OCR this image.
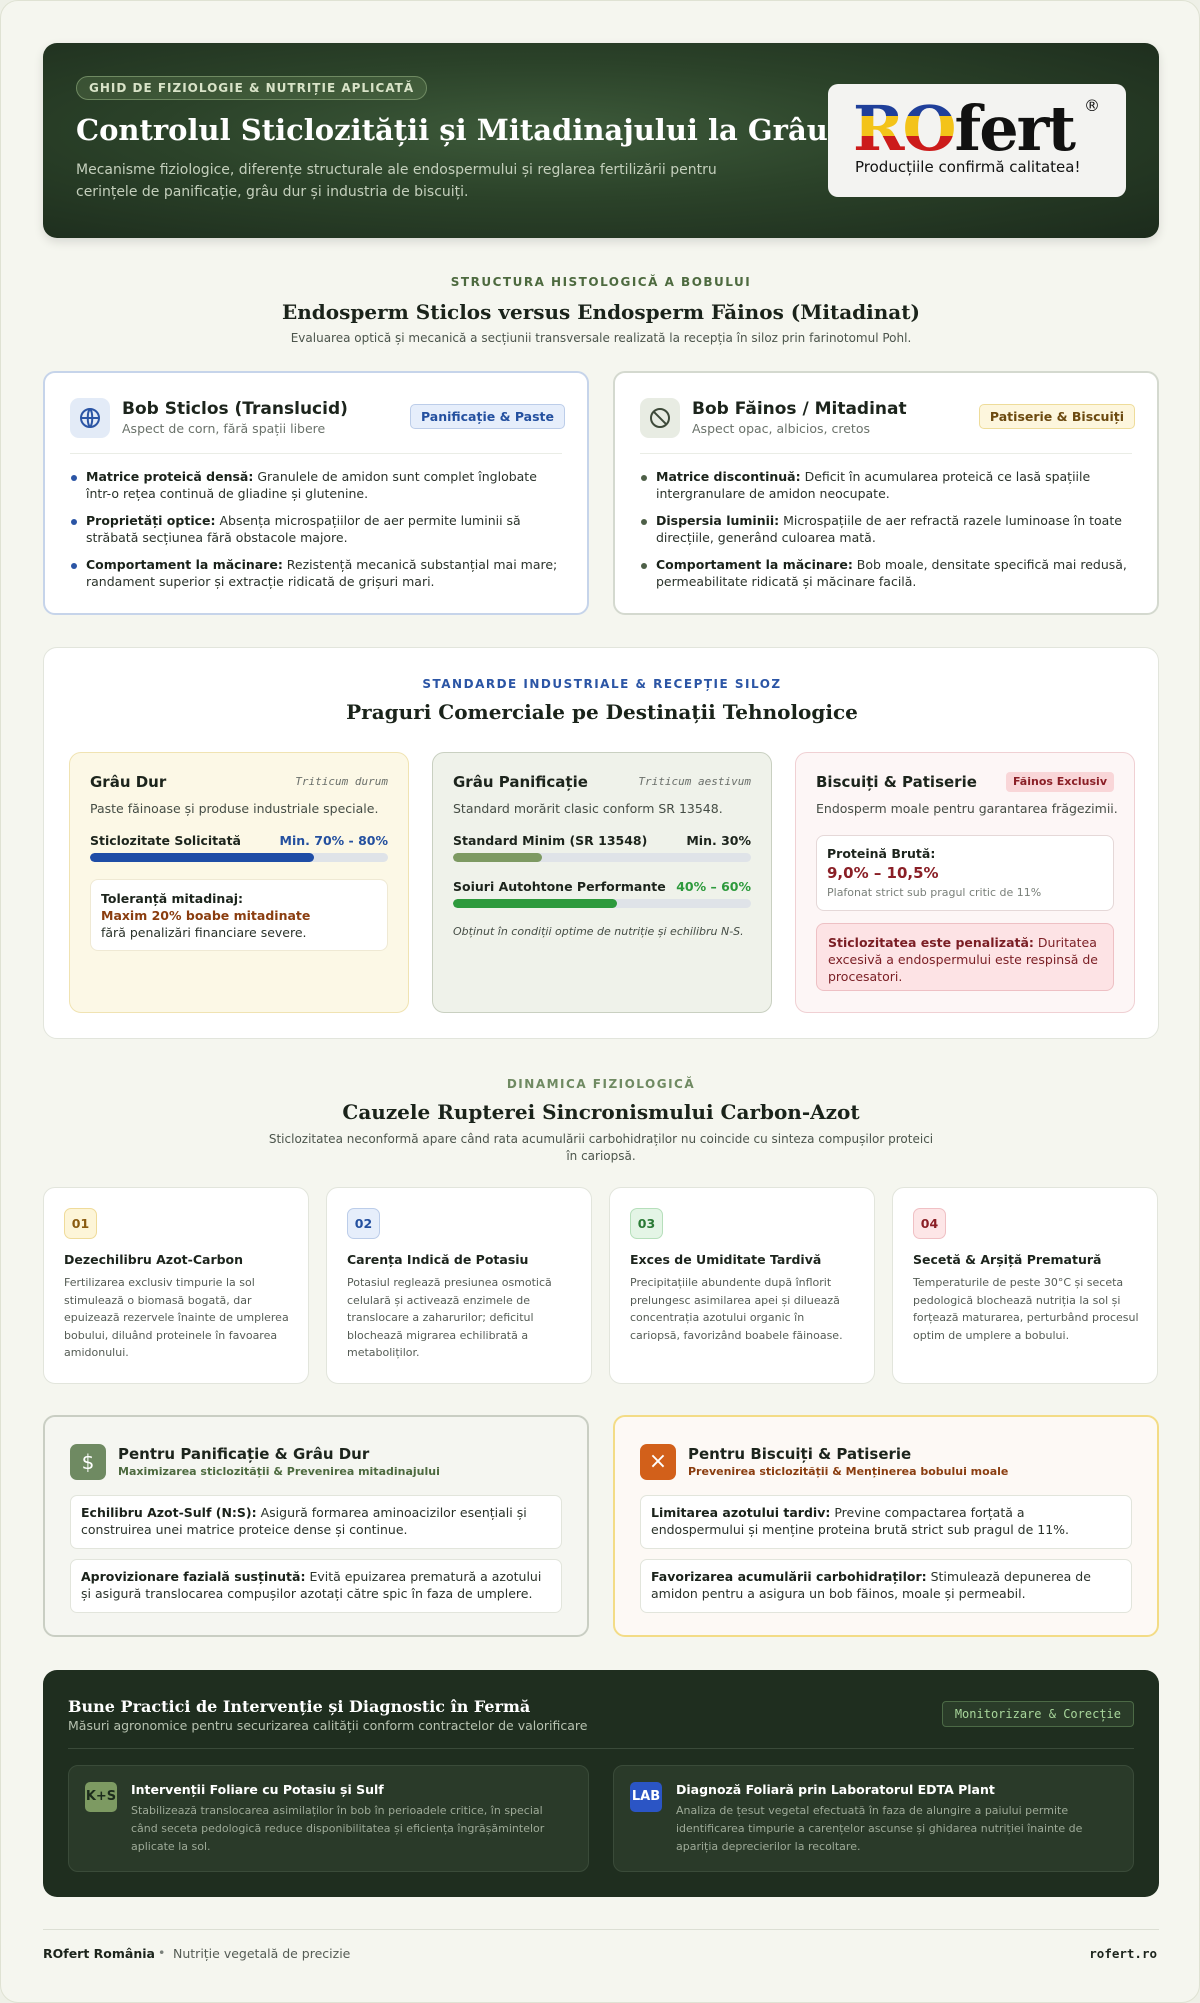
GHID DE FIZIOLOGIE & NUTRIȚIE APLICATĂ
Controlul Sticlozității și Mitadinajului la Grâu
Mecanisme fiziologice, diferențe structurale ale endospermului și reglarea fertilizării pentru cerințele de panificație, grâu dur și industria de biscuiți.
ROfert ®
Producțiile confirmă calitatea!
STRUCTURA HISTOLOGICĂ A BOBULUI
Endosperm Sticlos versus Endosperm Făinos (Mitadinat)
Evaluarea optică și mecanică a secțiunii transversale realizată la recepția în siloz prin farinotomul Pohl.
Bob Sticlos (Translucid)
Aspect de corn, fără spații libere
Panificație & Paste
Matrice proteică densă: Granulele de amidon sunt complet înglobate într-o rețea continuă de gliadine și glutenine.
Proprietăți optice: Absența microspațiilor de aer permite luminii să străbată secțiunea fără obstacole majore.
Comportament la măcinare: Rezistență mecanică substanțial mai mare; randament superior și extracție ridicată de grișuri mari.
Bob Făinos / Mitadinat
Aspect opac, albicios, cretos
Patiserie & Biscuiți
Matrice discontinuă: Deficit în acumularea proteică ce lasă spațiile intergranulare de amidon neocupate.
Dispersia luminii: Microspațiile de aer refractă razele luminoase în toate direcțiile, generând culoarea mată.
Comportament la măcinare: Bob moale, densitate specifică mai redusă, permeabilitate ridicată și măcinare facilă.
STANDARDE INDUSTRIALE & RECEPȚIE SILOZ
Praguri Comerciale pe Destinații Tehnologice
Grâu Dur	Triticum durum
Paste făinoase și produse industriale speciale.
Sticlozitate Solicitată	Min. 70% - 80%
Toleranță mitadinaj:
Maxim 20% boabe mitadinate
fără penalizări financiare severe.
Grâu Panificație	Triticum aestivum
Standard morărit clasic conform SR 13548.
Standard Minim (SR 13548)	Min. 30%
Soiuri Autohtone Performante 40% – 60%
Obținut în condiții optime de nutriție și echilibru N-S.
Biscuiți & Patiserie	Făinos Exclusiv
Endosperm moale pentru garantarea frăgezimii.
Proteină Brută:
9,0% – 10,5%
Plafonat strict sub pragul critic de 11%
Sticlozitatea este penalizată: Duritatea excesivă a endospermului este respinsă de procesatori.
DINAMICA FIZIOLOGICĂ
Cauzele Rupterei Sincronismului Carbon-Azot
Sticlozitatea neconformă apare când rata acumulării carbohidraților nu coincide cu sinteza compușilor proteici
în cariopsă.
01
Dezechilibru Azot-Carbon
Fertilizarea exclusiv timpurie la sol stimulează o biomasă bogată, dar epuizează rezervele înainte de umplerea bobului, diluând proteinele în favoarea amidonului.
02
Carența Indică de Potasiu
Potasiul reglează presiunea osmotică celulară și activează enzimele de translocare a zaharurilor; deficitul blochează migrarea echilibrată a metaboliților.
03
Exces de Umiditate Tardivă
Precipitațiile abundente după înflorit prelungesc asimilarea apei și diluează concentrația azotului organic în cariopsă, favorizând boabele făinoase.
04
Secetă & Arșiță Prematură
Temperaturile de peste 30°C și seceta pedologică blochează nutriția la sol și forțează maturarea, perturbând procesul optim de umplere a bobului.
$	Pentru Panificație & Grâu Dur
Maximizarea sticlozității & Prevenirea mitadinajului
Echilibru Azot-Sulf (N:S): Asigură formarea aminoacizilor esențiali și construirea unei matrice proteice dense și continue.
Aprovizionare fazială susținută: Evită epuizarea prematură a azotului și asigură translocarea compușilor azotați către spic în faza de umplere.
×	Pentru Biscuiți & Patiserie
Prevenirea sticlozității & Menținerea bobului moale
Limitarea azotului tardiv: Previne compactarea forțată a endospermului și menține proteina brută strict sub pragul de 11%.
Favorizarea acumulării carbohidraților: Stimulează depunerea de amidon pentru a asigura un bob făinos, moale și permeabil.
Bune Practici de Intervenție și Diagnostic în Fermă
Măsuri agronomice pentru securizarea calității conform contractelor de valorificare
Monitorizare & Corecție
K+S Intervenții Foliare cu Potasiu și Sulf
Stabilizează translocarea asimilaților în bob în perioadele critice, în special când seceta pedologică reduce disponibilitatea și eficiența îngrășămintelor aplicate la sol.
LAB Diagnoză Foliară prin Laboratorul EDTA Plant
Analiza de țesut vegetal efectuată în faza de alungire a paiului permite identificarea timpurie a carențelor ascunse și ghidarea nutriției înainte de apariția deprecierilor la recoltare.
ROfert România • Nutriție vegetală de precizie	rofert.ro
